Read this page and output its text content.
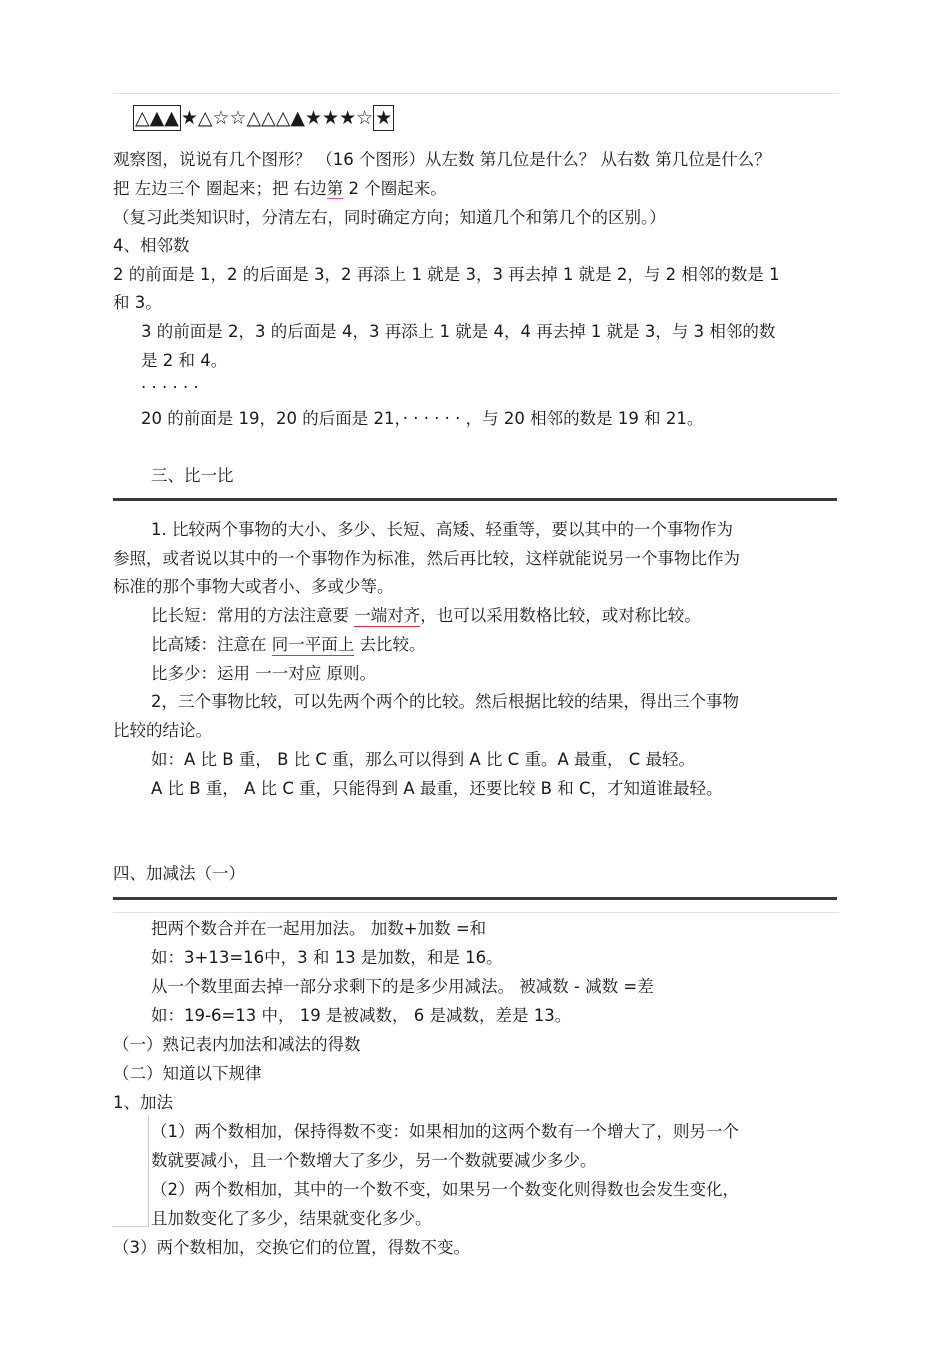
△▲▲ ★△☆☆△△△▲★★★☆ ★
观察图，说说有几个图形？ （16 个图形）从左数 第几位是什么？ 从右数 第几位是什么？
把 左边三个 圈起来；把 右边第 2 个圈起来。
（复习此类知识时，分清左右，同时确定方向；知道几个和第几个的区别。）
4、相邻数
2 的前面是 1，2 的后面是 3，2 再添上 1 就是 3，3 再去掉 1 就是 2，与 2 相邻的数是 1
和 3。
3 的前面是 2，3 的后面是 4，3 再添上 1 就是 4，4 再去掉 1 就是 3，与 3 相邻的数
是 2 和 4。
· · · · · ·
20 的前面是 19，20 的后面是 21，· · · · · · ，与 20 相邻的数是 19 和 21。
三、比一比
1. 比较两个事物的大小、多少、长短、高矮、轻重等，要以其中的一个事物作为
参照，或者说以其中的一个事物作为标准，然后再比较，这样就能说另一个事物比作为
标准的那个事物大或者小、多或少等。
比长短：常用的方法注意要 一端对齐，也可以采用数格比较，或对称比较。
比高矮：注意在 同一平面上 去比较。
比多少：运用 一一对应 原则。
2，三个事物比较，可以先两个两个的比较。然后根据比较的结果，得出三个事物
比较的结论。
如：A 比 B 重， B 比 C 重，那么可以得到 A 比 C 重。A 最重， C 最轻。
A 比 B 重， A 比 C 重，只能得到 A 最重，还要比较 B 和 C，才知道谁最轻。
四、加减法（一）
把两个数合并在一起用加法。 加数+加数 =和
如：3+13=16中，3 和 13 是加数，和是 16。
从一个数里面去掉一部分求剩下的是多少用减法。 被减数 - 减数 =差
如：19-6=13 中， 19 是被减数， 6 是减数，差是 13。
（一）熟记表内加法和减法的得数
（二）知道以下规律
1、加法
（1）两个数相加，保持得数不变：如果相加的这两个数有一个增大了，则另一个
数就要减小，且一个数增大了多少，另一个数就要减少多少。
（2）两个数相加，其中的一个数不变，如果另一个数变化则得数也会发生变化，
且加数变化了多少，结果就变化多少。
（3）两个数相加，交换它们的位置，得数不变。
